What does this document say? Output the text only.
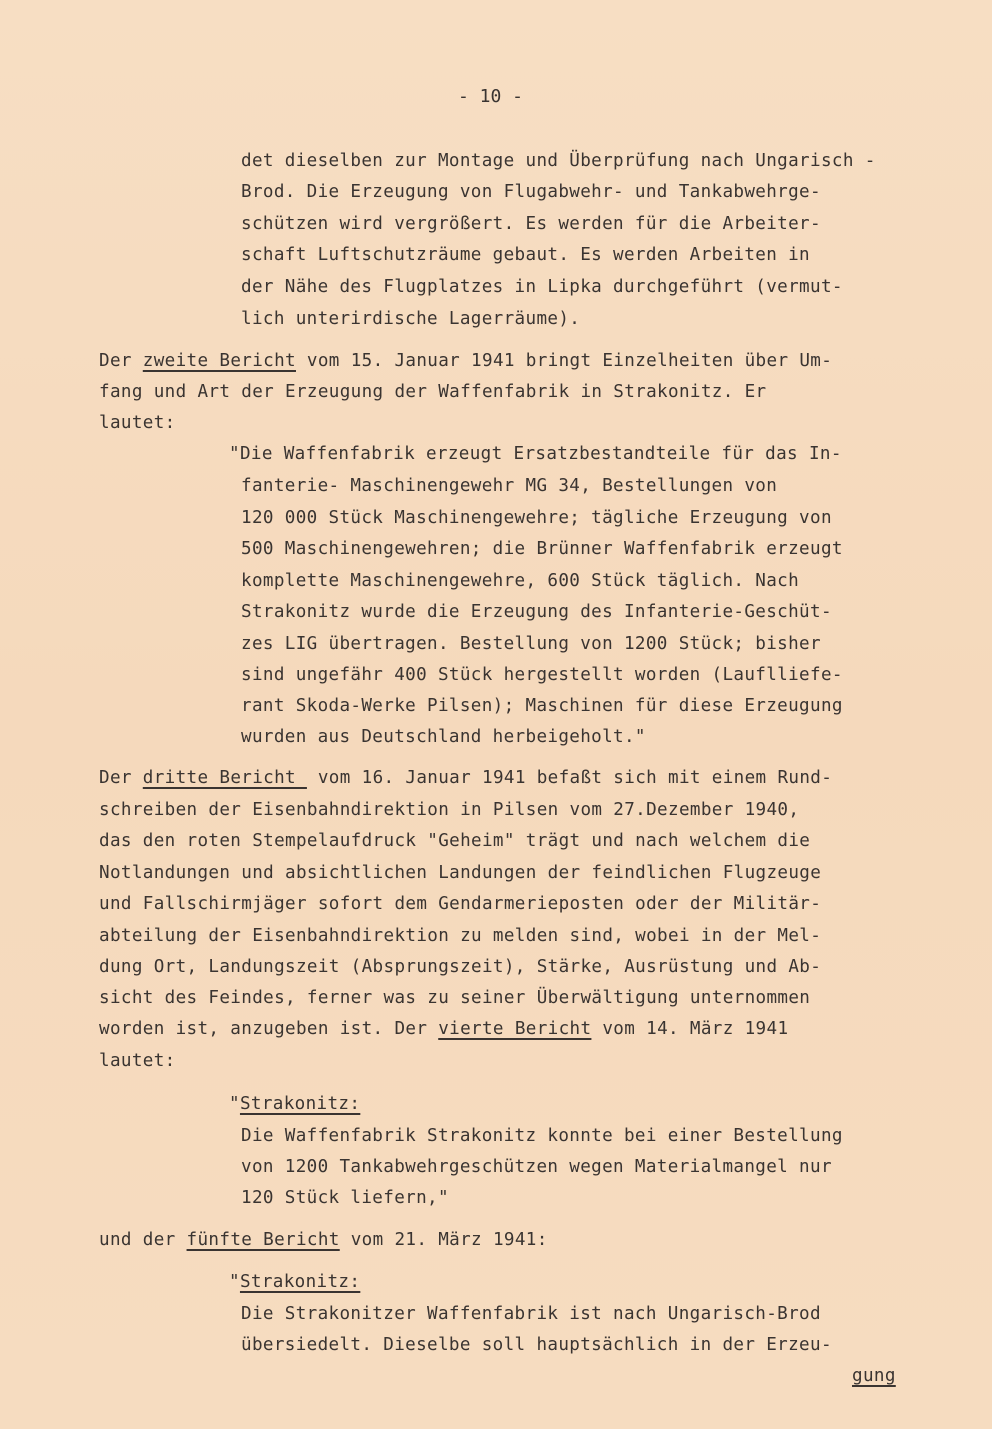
- 10 -
det dieselben zur Montage und Überprüfung nach Ungarisch -
Brod. Die Erzeugung von Flugabwehr- und Tankabwehrge-
schützen wird vergrößert. Es werden für die Arbeiter-
schaft Luftschutzräume gebaut. Es werden Arbeiten in
der Nähe des Flugplatzes in Lipka durchgeführt (vermut-
lich unterirdische Lagerräume).
Der zweite Bericht vom 15. Januar 1941 bringt Einzelheiten über Um-
fang und Art der Erzeugung der Waffenfabrik in Strakonitz. Er
lautet:
"Die Waffenfabrik erzeugt Ersatzbestandteile für das In-
fanterie- Maschinengewehr MG 34, Bestellungen von
120 000 Stück Maschinengewehre; tägliche Erzeugung von
500 Maschinengewehren; die Brünner Waffenfabrik erzeugt
komplette Maschinengewehre, 600 Stück täglich. Nach
Strakonitz wurde die Erzeugung des Infanterie-Geschüt-
zes LIG übertragen. Bestellung von 1200 Stück; bisher
sind ungefähr 400 Stück hergestellt worden (Lauflliefe-
rant Skoda-Werke Pilsen); Maschinen für diese Erzeugung
wurden aus Deutschland herbeigeholt."
Der dritte Bericht  vom 16. Januar 1941 befaßt sich mit einem Rund-
schreiben der Eisenbahndirektion in Pilsen vom 27.Dezember 1940,
das den roten Stempelaufdruck "Geheim" trägt und nach welchem die
Notlandungen und absichtlichen Landungen der feindlichen Flugzeuge
und Fallschirmjäger sofort dem Gendarmerieposten oder der Militär-
abteilung der Eisenbahndirektion zu melden sind, wobei in der Mel-
dung Ort, Landungszeit (Absprungszeit), Stärke, Ausrüstung und Ab-
sicht des Feindes, ferner was zu seiner Überwältigung unternommen
worden ist, anzugeben ist. Der vierte Bericht vom 14. März 1941
lautet:
"Strakonitz:
Die Waffenfabrik Strakonitz konnte bei einer Bestellung
von 1200 Tankabwehrgeschützen wegen Materialmangel nur
120 Stück liefern,"
und der fünfte Bericht vom 21. März 1941:
"Strakonitz:
Die Strakonitzer Waffenfabrik ist nach Ungarisch-Brod
übersiedelt. Dieselbe soll hauptsächlich in der Erzeu-
gung
